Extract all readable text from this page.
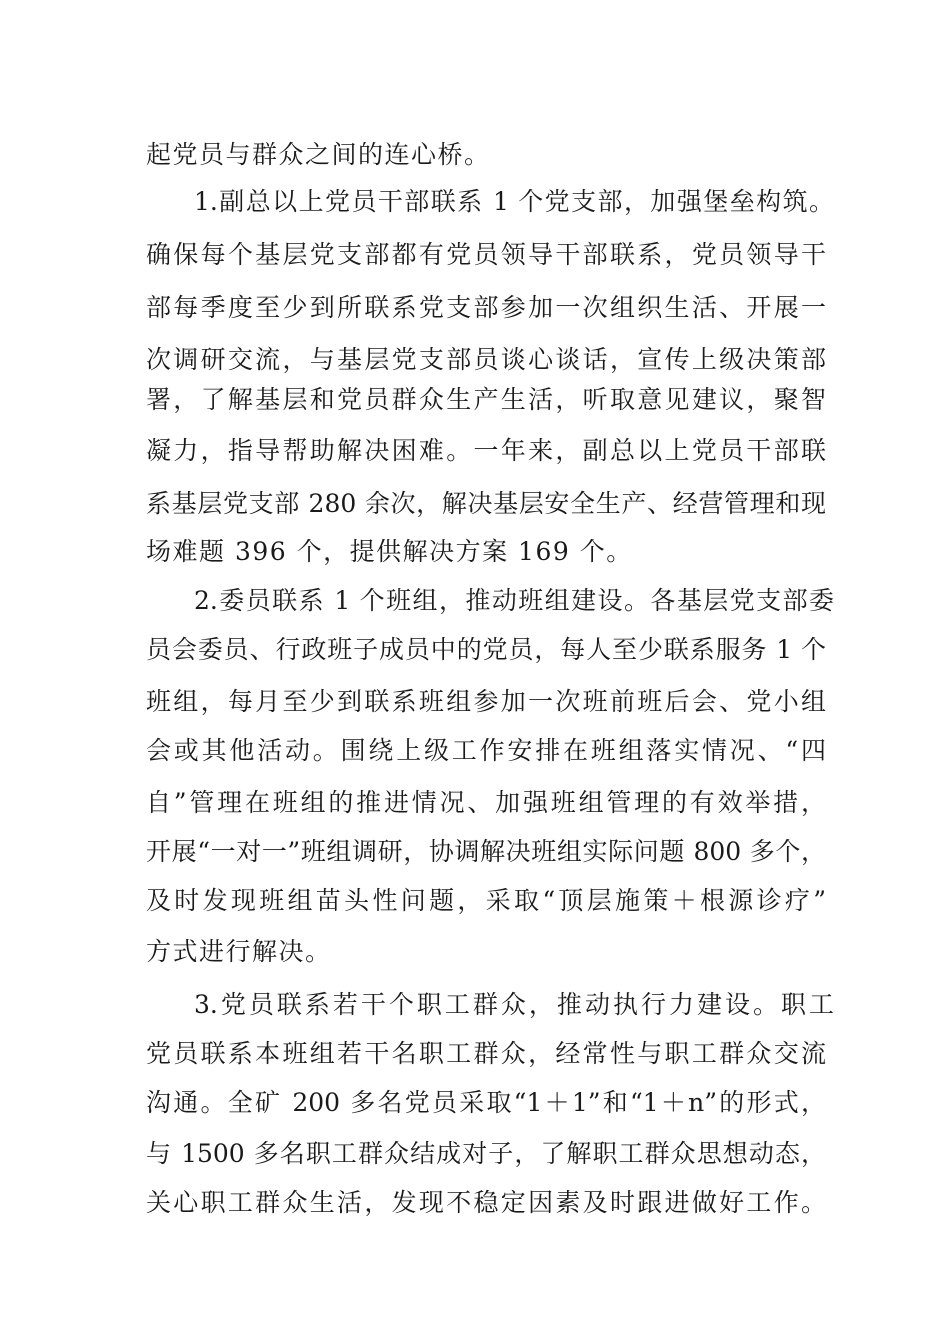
起党员与群众之间的连心桥。

1.副总以上党员干部联系 1 个党支部，加强堡垒构筑。

确保每个基层党支部都有党员领导干部联系，党员领导干

部每季度至少到所联系党支部参加一次组织生活、开展一

次调研交流，与基层党支部员谈心谈话，宣传上级决策部

署，了解基层和党员群众生产生活，听取意见建议，聚智

凝力，指导帮助解决困难。一年来，副总以上党员干部联

系基层党支部 280 余次，解决基层安全生产、经营管理和现

场难题 396 个，提供解决方案 169 个。

2.委员联系 1 个班组，推动班组建设。各基层党支部委

员会委员、行政班子成员中的党员，每人至少联系服务 1 个

班组，每月至少到联系班组参加一次班前班后会、党小组

会或其他活动。围绕上级工作安排在班组落实情况、“四

自”管理在班组的推进情况、加强班组管理的有效举措，

开展“一对一”班组调研，协调解决班组实际问题 800 多个，

及时发现班组苗头性问题，采取“顶层施策＋根源诊疗”

方式进行解决。

3.党员联系若干个职工群众，推动执行力建设。职工

党员联系本班组若干名职工群众，经常性与职工群众交流

沟通。全矿 200 多名党员采取“1＋1”和“1＋n”的形式，

与 1500 多名职工群众结成对子，了解职工群众思想动态，

关心职工群众生活，发现不稳定因素及时跟进做好工作。
